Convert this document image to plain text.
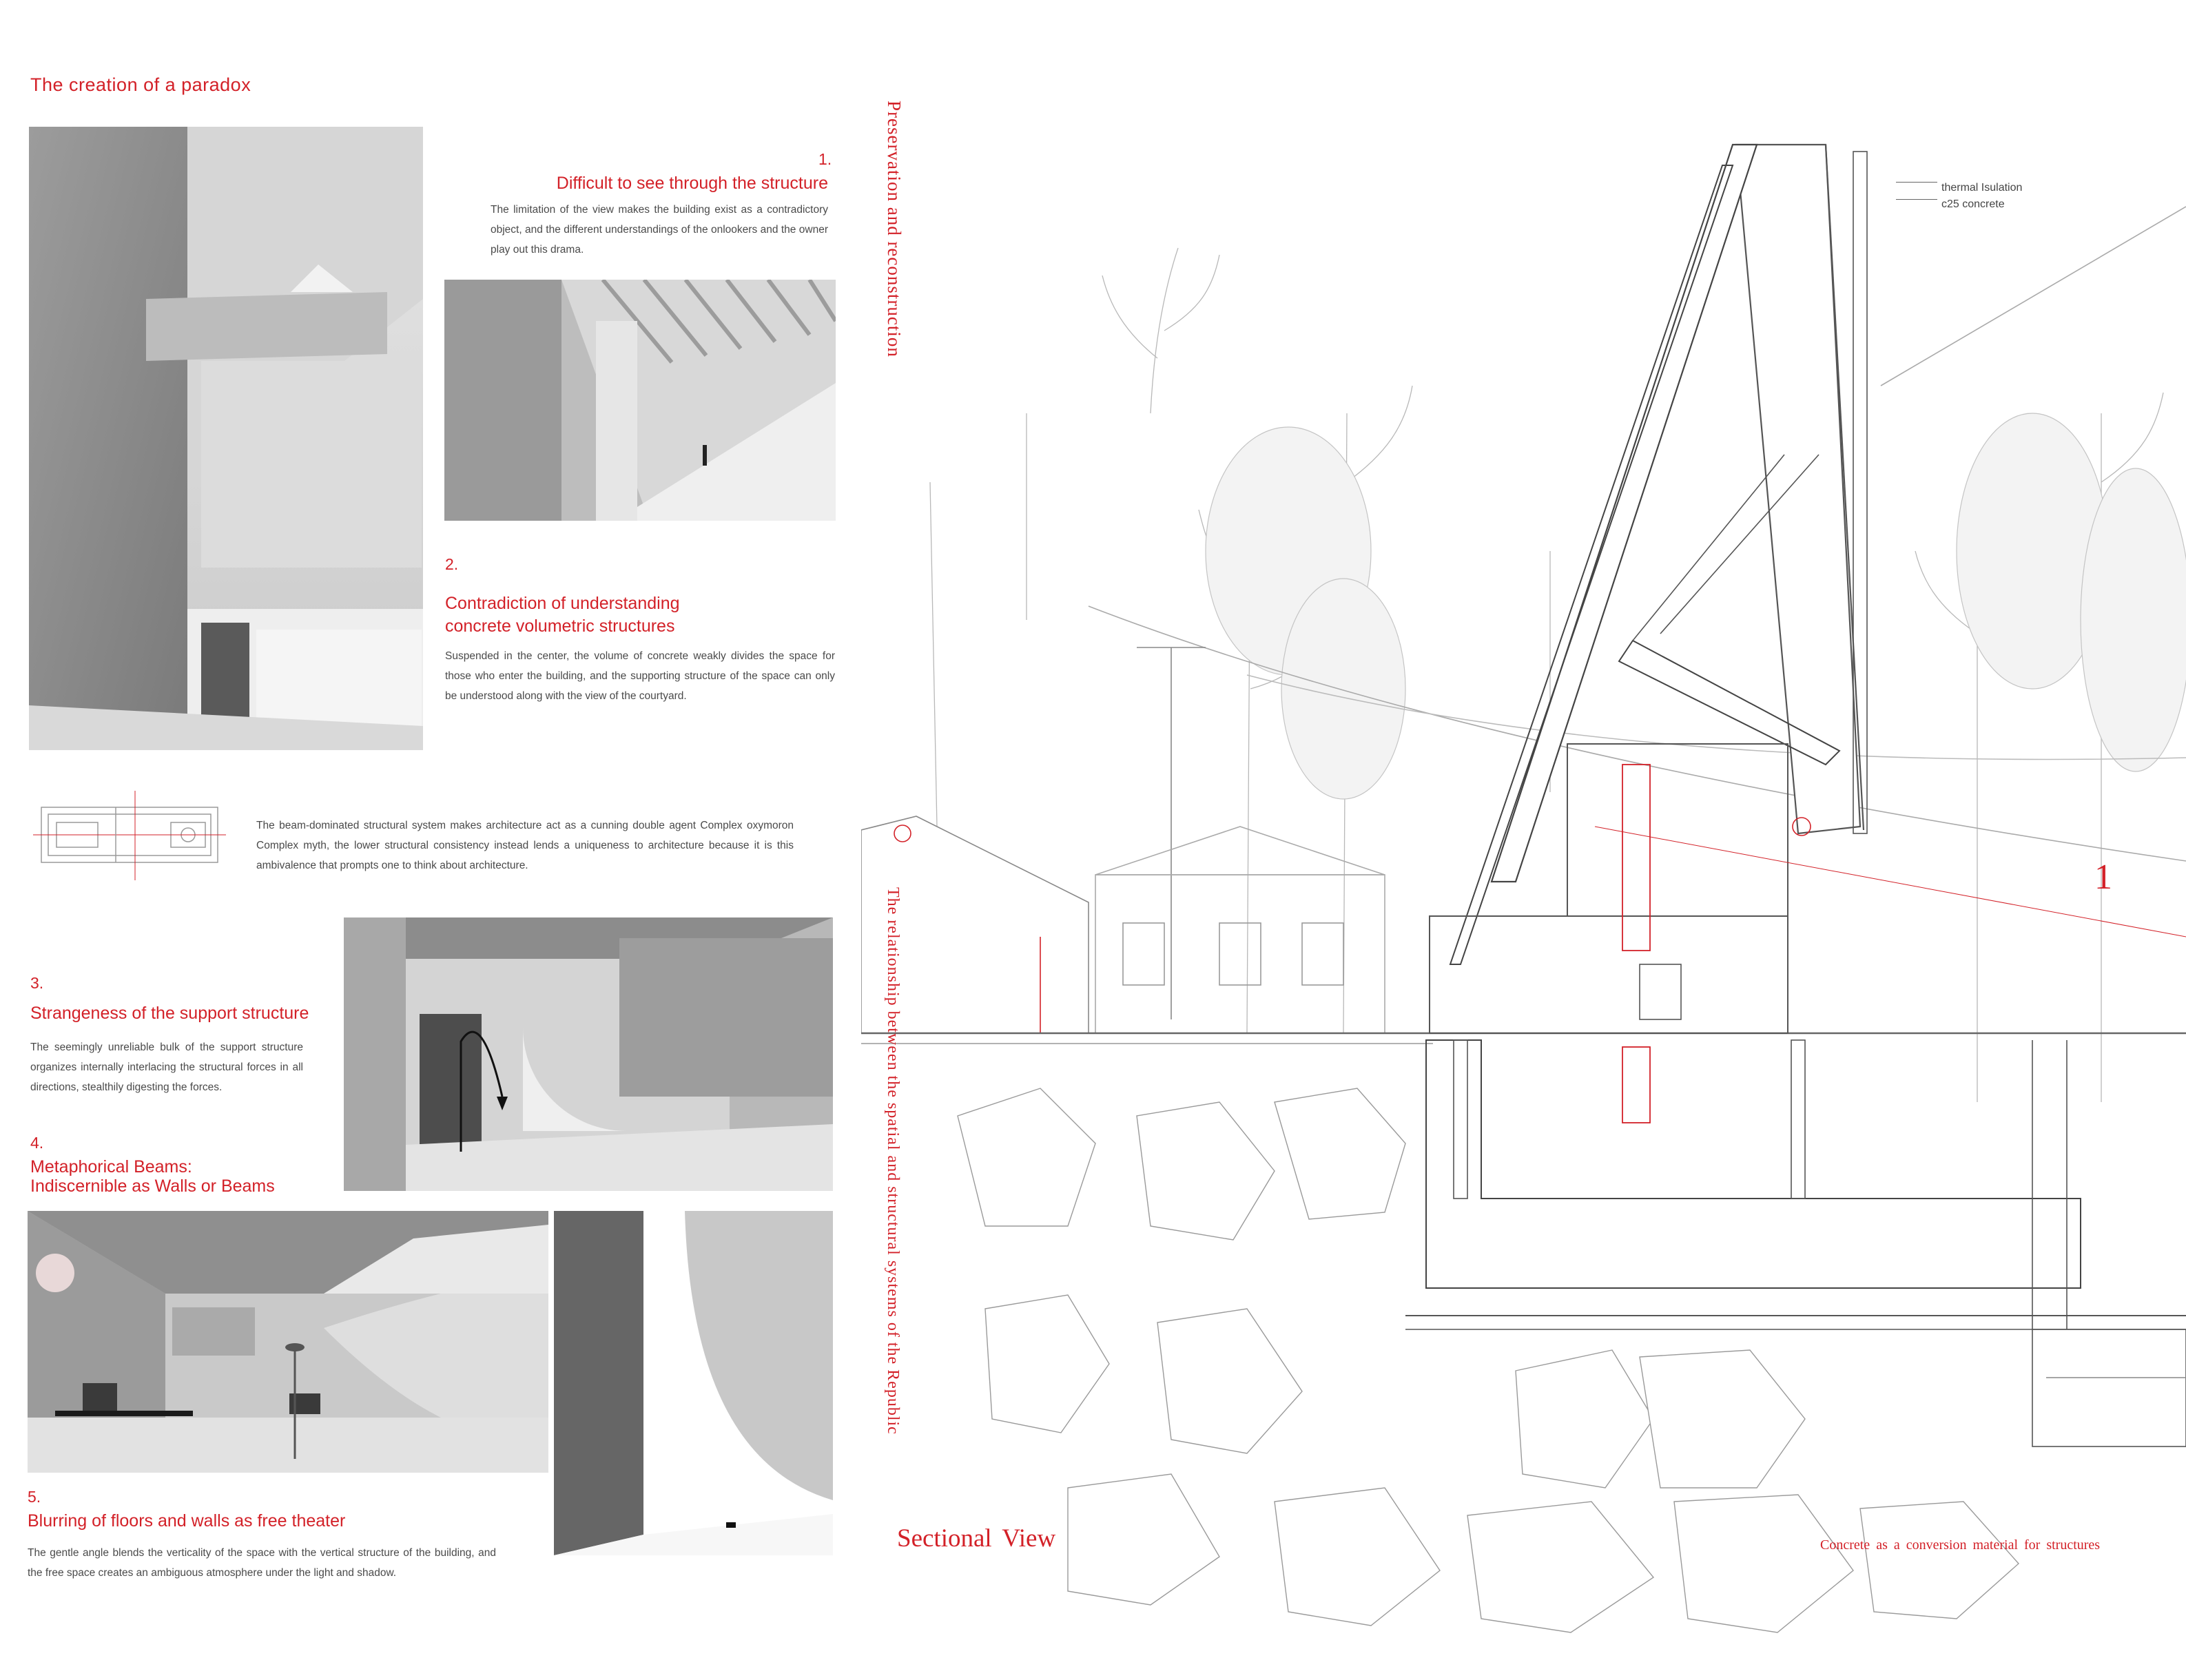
The creation of a paradox
1.
Difficult to see through the structure
The limitation of the view makes the building exist as a contradictory object, and the different understandings of the onlookers and the owner play out this drama.
2.
Contradiction of understanding
concrete volumetric structures
Suspended in the center, the volume of concrete weakly divides the space for those who enter the building, and the supporting structure of the space can only be understood along with the view of the courtyard.
The beam-dominated structural system makes architecture act as a cunning double agent Complex oxymoron Complex myth, the lower structural consistency instead lends a uniqueness to architecture because it is this ambivalence that prompts one to think about architecture.
3.
Strangeness of the support structure
The seemingly unreliable bulk of the support structure organizes internally interlacing the structural forces in all directions, stealthily digesting the forces.
4.
Metaphorical Beams:
Indiscernible as Walls or Beams
5.
Blurring of floors and walls as free theater
The gentle angle blends the verticality of the space with the vertical structure of the building, and the free space creates an ambiguous atmosphere under the light and shadow.
Preservation and reconstruction
The relationship between the spatial and structural systems of the Republic
thermal Isulation
c25 concrete
1
Sectional View	Concrete as a conversion material for structures
